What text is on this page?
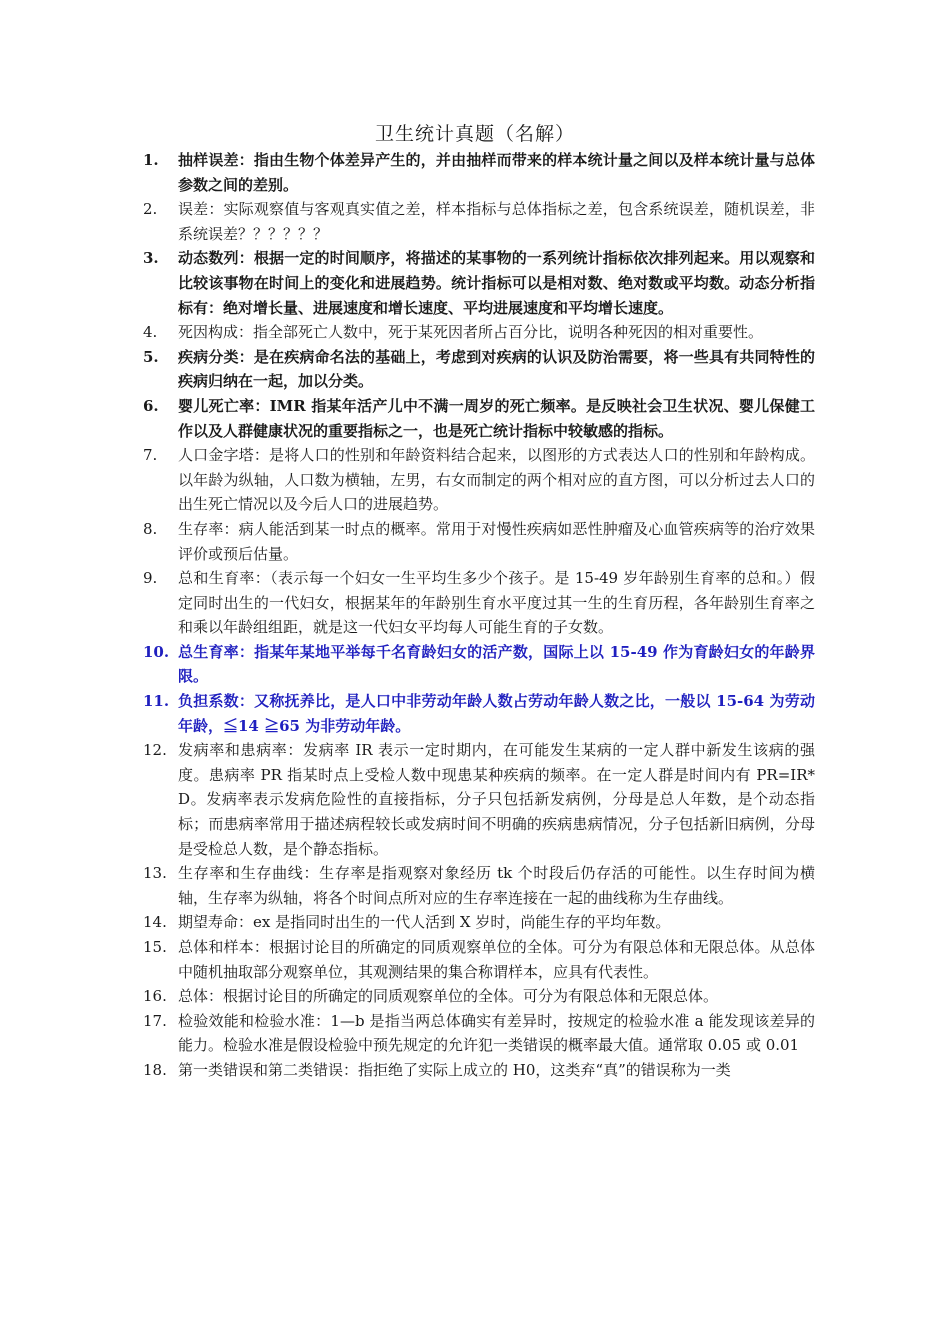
卫生统计真题（名解）
1.	抽样误差：指由生物个体差异产生的，并由抽样而带来的样本统计量之间以及样本统计量与总体参数之间的差别。
2.	误差：实际观察值与客观真实值之差，样本指标与总体指标之差，包含系统误差，随机误差，非系统误差？？？？？？
3.	动态数列：根据一定的时间顺序，将描述的某事物的一系列统计指标依次排列起来。用以观察和比较该事物在时间上的变化和进展趋势。统计指标可以是相对数、绝对数或平均数。动态分析指标有：绝对增长量、进展速度和增长速度、平均进展速度和平均增长速度。
4.	死因构成：指全部死亡人数中，死于某死因者所占百分比，说明各种死因的相对重要性。
5.	疾病分类：是在疾病命名法的基础上，考虑到对疾病的认识及防治需要，将一些具有共同特性的疾病归纳在一起，加以分类。
6.	婴儿死亡率：IMR 指某年活产儿中不满一周岁的死亡频率。是反映社会卫生状况、婴儿保健工作以及人群健康状况的重要指标之一，也是死亡统计指标中较敏感的指标。
7.	人口金字塔：是将人口的性别和年龄资料结合起来，以图形的方式表达人口的性别和年龄构成。以年龄为纵轴，人口数为横轴，左男，右女而制定的两个相对应的直方图，可以分析过去人口的出生死亡情况以及今后人口的进展趋势。
8.	生存率：病人能活到某一时点的概率。常用于对慢性疾病如恶性肿瘤及心血管疾病等的治疗效果评价或预后估量。
9.	总和生育率：（表示每一个妇女一生平均生多少个孩子。是 15-49 岁年龄别生育率的总和。）假定同时出生的一代妇女，根据某年的年龄别生育水平度过其一生的生育历程，各年龄别生育率之和乘以年龄组组距，就是这一代妇女平均每人可能生育的子女数。
10. 总生育率：指某年某地平举每千名育龄妇女的活产数，国际上以 15-49 作为育龄妇女的年龄界限。
11. 负担系数：又称抚养比，是人口中非劳动年龄人数占劳动年龄人数之比，一般以 15-64 为劳动年龄，≦14 ≧65 为非劳动年龄。
12. 发病率和患病率：发病率 IR 表示一定时期内，在可能发生某病的一定人群中新发生该病的强度。患病率 PR 指某时点上受检人数中现患某种疾病的频率。在一定人群是时间内有 PR=IR*D。发病率表示发病危险性的直接指标，分子只包括新发病例，分母是总人年数，是个动态指标；而患病率常用于描述病程较长或发病时间不明确的疾病患病情况，分子包括新旧病例，分母是受检总人数，是个静态指标。
13. 生存率和生存曲线：生存率是指观察对象经历 tk 个时段后仍存活的可能性。以生存时间为横轴，生存率为纵轴，将各个时间点所对应的生存率连接在一起的曲线称为生存曲线。
14. 期望寿命：ex 是指同时出生的一代人活到 X 岁时，尚能生存的平均年数。
15. 总体和样本：根据讨论目的所确定的同质观察单位的全体。可分为有限总体和无限总体。从总体中随机抽取部分观察单位，其观测结果的集合称谓样本，应具有代表性。
16. 总体：根据讨论目的所确定的同质观察单位的全体。可分为有限总体和无限总体。
17. 检验效能和检验水准：1—b 是指当两总体确实有差异时，按规定的检验水准 a 能发现该差异的能力。检验水准是假设检验中预先规定的允许犯一类错误的概率最大值。通常取 0.05 或 0.01
18. 第一类错误和第二类错误：指拒绝了实际上成立的 H0，这类弃“真”的错误称为一类
